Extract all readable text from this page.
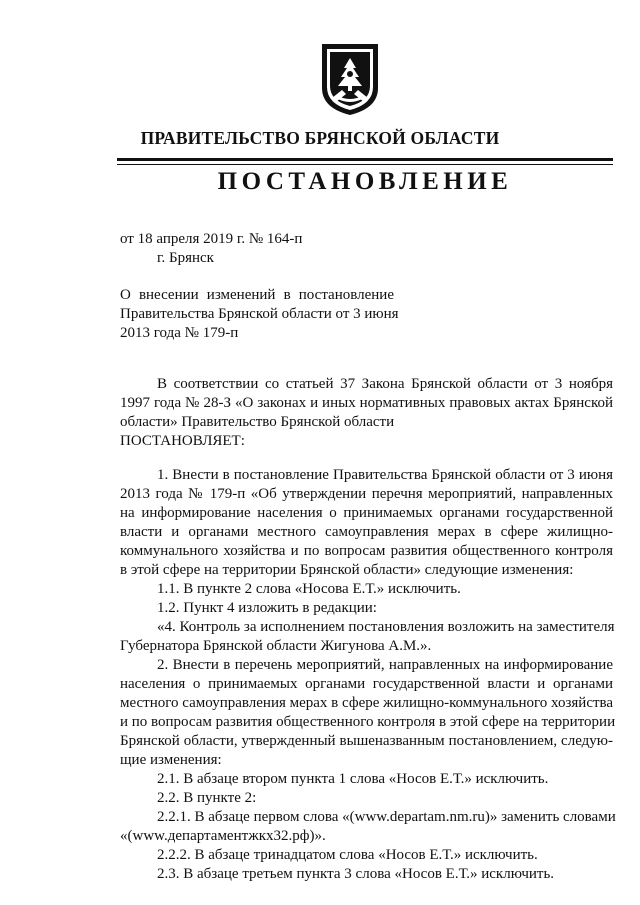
ПРАВИТЕЛЬСТВО БРЯНСКОЙ ОБЛАСТИ
ПОСТАНОВЛЕНИЕ

от 18 апреля 2019 г. № 164-п

г. Брянск

О внесении изменений в постановление

Правительства Брянской области от 3 июня

2013 года № 179-п

В соответствии со статьей 37 Закона Брянской области от 3 ноября

1997 года № 28-З «О законах и иных нормативных правовых актах Брянской

области» Правительство Брянской области

ПОСТАНОВЛЯЕТ:

1. Внести в постановление Правительства Брянской области от 3 июня

2013 года № 179-п «Об утверждении перечня мероприятий, направленных

на информирование населения о принимаемых органами государственной

власти и органами местного самоуправления мерах в сфере жилищно-

коммунального хозяйства и по вопросам развития общественного контроля

в этой сфере на территории Брянской области» следующие изменения:

1.1. В пункте 2 слова «Носова Е.Т.» исключить.

1.2. Пункт 4 изложить в редакции:

«4. Контроль за исполнением постановления возложить на заместителя

Губернатора Брянской области Жигунова А.М.».

2. Внести в перечень мероприятий, направленных на информирование

населения о принимаемых органами государственной власти и органами

местного самоуправления мерах в сфере жилищно-коммунального хозяйства

и по вопросам развития общественного контроля в этой сфере на территории

Брянской области, утвержденный вышеназванным постановлением, следую-

щие изменения:

2.1. В абзаце втором пункта 1 слова «Носов Е.Т.» исключить.

2.2. В пункте 2:

2.2.1. В абзаце первом слова «(www.departam.nm.ru)» заменить словами

«(www.департаментжкх32.рф)».

2.2.2. В абзаце тринадцатом слова «Носов Е.Т.» исключить.

2.3. В абзаце третьем пункта 3 слова «Носов Е.Т.» исключить.
